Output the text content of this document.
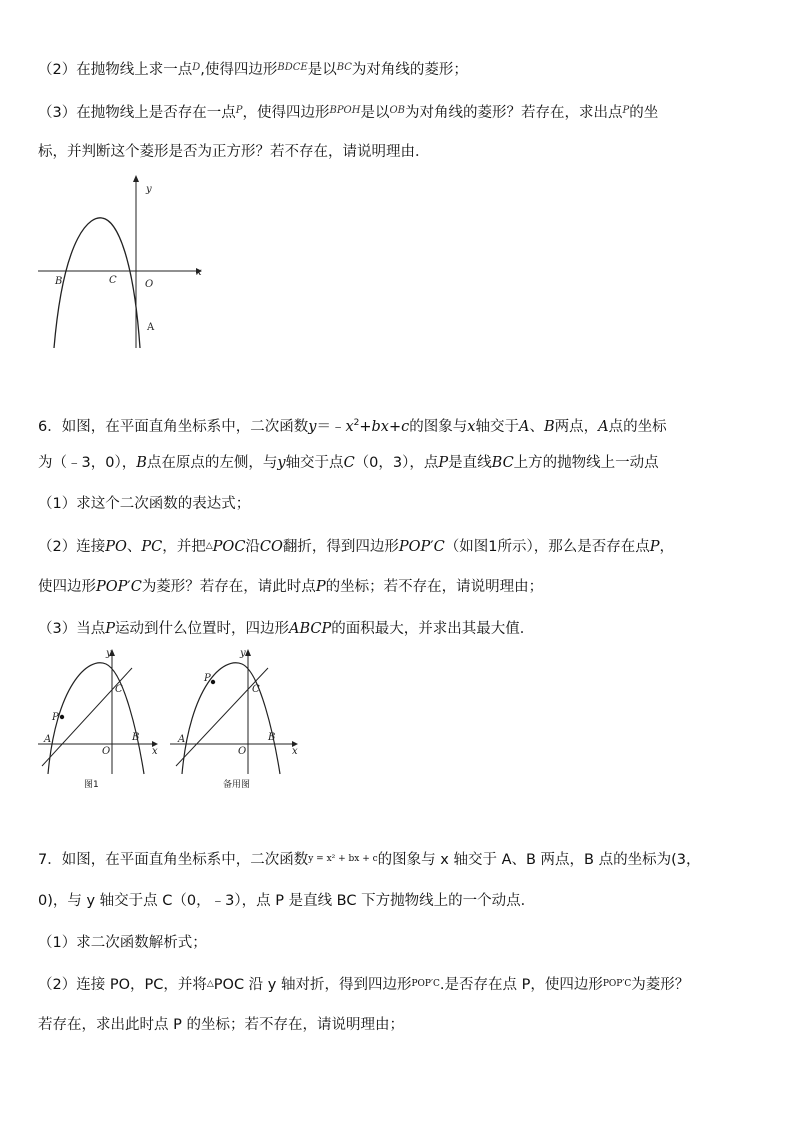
（2）在抛物线上求一点$^D$,使得四边形$^{BDCE}$是以$^{BC}$为对角线的菱形；
（3）在抛物线上是否存在一点$^P$，使得四边形$^{BPOH}$是以$^{OB}$为对角线的菱形？若存在，求出点$^P$的坐
标，并判断这个菱形是否为正方形？若不存在，请说明理由．
y
x
B	C	O
A
6．如图，在平面直角坐标系中，二次函数$y=﹣x^2+bx+c$的图象与x轴交于A、B两点，A点的坐标
为（﹣3，0），B点在原点的左侧，与y轴交于点C（0，3），点P是直线BC上方的抛物线上一动点
（1）求这个二次函数的表达式；
（2）连接PO、PC，并把△POC沿CO翻折，得到四边形POP′C（如图1所示），那么是否存在点P，
使四边形POP′C为菱形？若存在，请此时点P的坐标；若不存在，请说明理由；
（3）当点P运动到什么位置时，四边形ABCP的面积最大，并求出其最大值．
y
x
P
C
A
O
B
图1
y
x
P
C
A
O
B
备用图
7．如图，在平面直角坐标系中，二次函数$^{y = x^2 + bx + c}$的图象与 x 轴交于 A、B 两点，B 点的坐标为(3，
0)，与 y 轴交于点 C（0，﹣3），点 P 是直线 BC 下方抛物线上的一个动点．
（1）求二次函数解析式；
（2）连接 PO，PC，并将△POC 沿 y 轴对折，得到四边形$^{POP'C}$.是否存在点 P，使四边形$^{POP'C}$为菱形？
若存在，求出此时点 P 的坐标；若不存在，请说明理由；
